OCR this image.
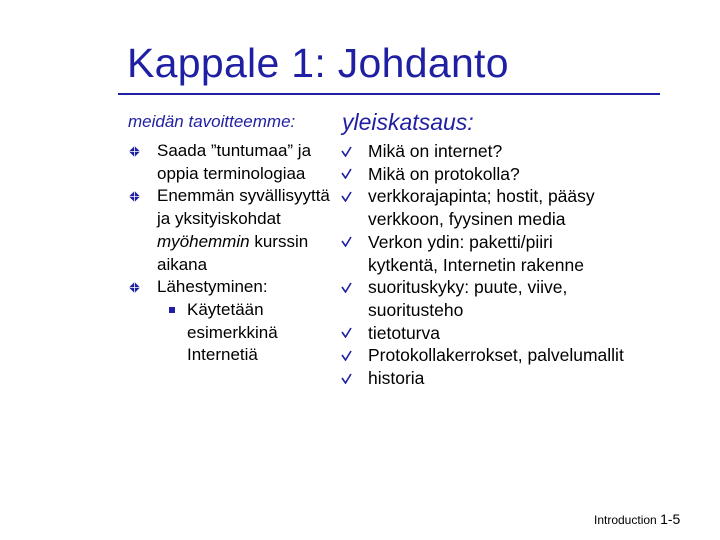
Kappale 1: Johdanto
meidän tavoitteemme: yleiskatsaus:
Saada ”tuntumaa” ja oppia terminologiaa
Enemmän syvällisyyttä ja yksityiskohdat myöhemmin kurssin aikana
Lähestyminen:
Käytetään esimerkkinä Internetiä
Mikä on internet?
Mikä on protokolla?
verkkorajapinta; hostit, pääsy verkkoon, fyysinen media
Verkon ydin: paketti/piiri kytkentä, Internetin rakenne
suorituskyky: puute, viive, suoritusteho
tietoturva
Protokollakerrokset, palvelumallit
historia
Introduction 1-5
